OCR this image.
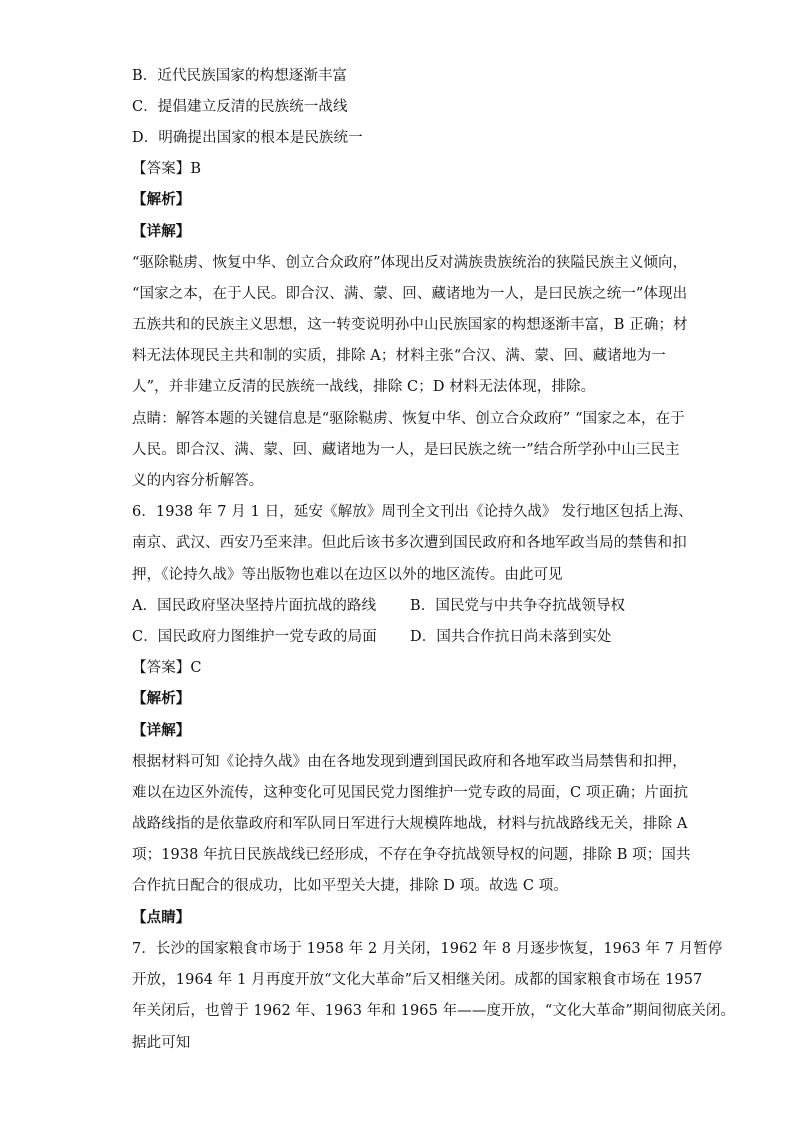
B．近代民族国家的构想逐渐丰富
C．提倡建立反清的民族统一战线
D．明确提出国家的根本是民族统一
【答案】B
【解析】
【详解】
“驱除鞑虏、恢复中华、创立合众政府”体现出反对满族贵族统治的狭隘民族主义倾向，
“国家之本，在于人民。即合汉、满、蒙、回、藏诸地为一人，是曰民族之统一”体现出
五族共和的民族主义思想，这一转变说明孙中山民族国家的构想逐渐丰富，B 正确；材
料无法体现民主共和制的实质，排除 A；材料主张“合汉、满、蒙、回、藏诸地为一
人”，并非建立反清的民族统一战线，排除 C；D 材料无法体现，排除。
点睛：解答本题的关键信息是“驱除鞑虏、恢复中华、创立合众政府” “国家之本，在于
人民。即合汉、满、蒙、回、藏诸地为一人，是曰民族之统一”结合所学孙中山三民主
义的内容分析解答。
6．1938 年 7 月 1 日，延安《解放》周刊全文刊出《论持久战》 发行地区包括上海、
南京、武汉、西安乃至来津。但此后该书多次遭到国民政府和各地军政当局的禁售和扣
押，《论持久战》等出版物也难以在边区以外的地区流传。由此可见
A．国民政府坚决坚持片面抗战的路线 B．国民党与中共争夺抗战领导权
C．国民政府力图维护一党专政的局面 D．国共合作抗日尚未落到实处
【答案】C
【解析】
【详解】
根据材料可知《论持久战》由在各地发现到遭到国民政府和各地军政当局禁售和扣押，
难以在边区外流传，这种变化可见国民党力图维护一党专政的局面，C 项正确；片面抗
战路线指的是依靠政府和军队同日军进行大规模阵地战，材料与抗战路线无关，排除 A
项；1938 年抗日民族战线已经形成，不存在争夺抗战领导权的问题，排除 B 项；国共
合作抗日配合的很成功，比如平型关大捷，排除 D 项。故选 C 项。
【点睛】
7．长沙的国家粮食市场于 1958 年 2 月关闭，1962 年 8 月逐步恢复，1963 年 7 月暂停
开放，1964 年 1 月再度开放“文化大革命”后又相继关闭。成都的国家粮食市场在 1957
年关闭后，也曾于 1962 年、1963 年和 1965 年——度开放，“文化大革命”期间彻底关闭。
据此可知
